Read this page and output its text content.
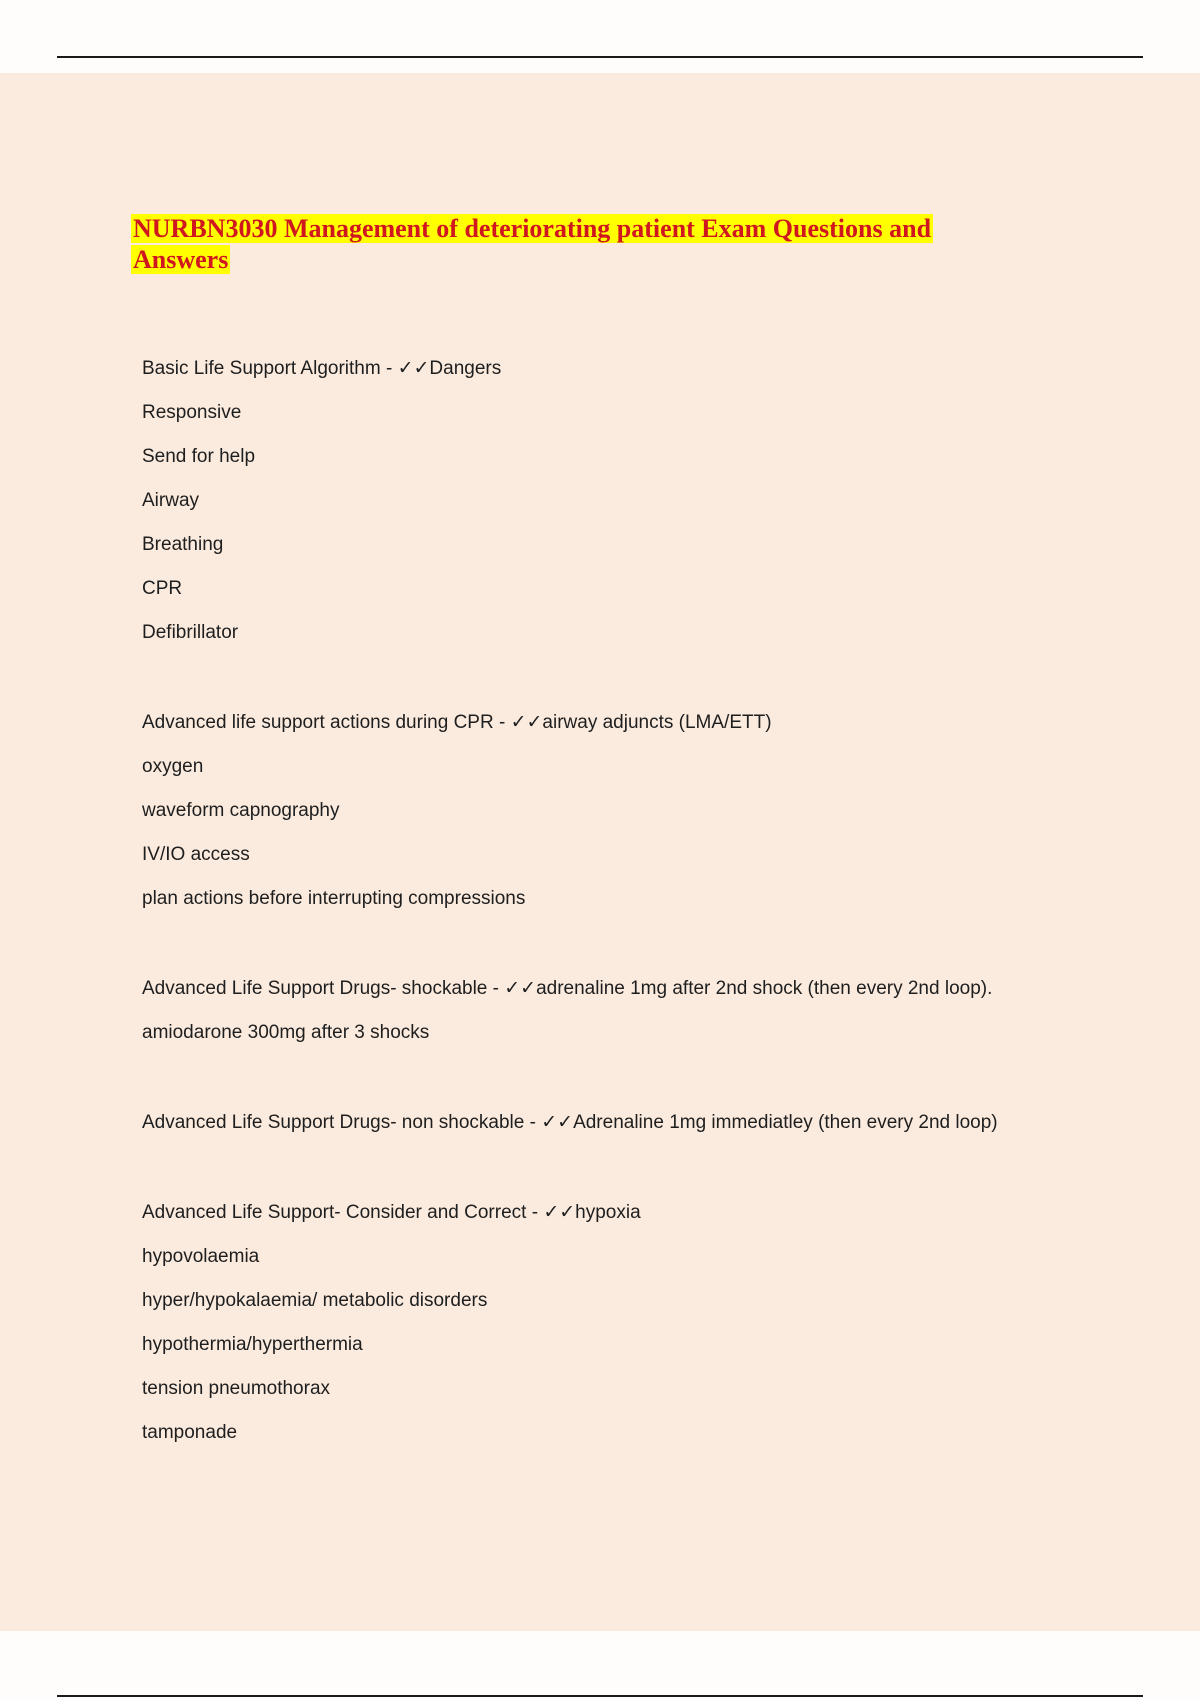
NURBN3030 Management of deteriorating patient Exam Questions and
Answers
Basic Life Support Algorithm - ✓✓Dangers
Responsive
Send for help
Airway
Breathing
CPR
Defibrillator
Advanced life support actions during CPR - ✓✓airway adjuncts (LMA/ETT)
oxygen
waveform capnography
IV/IO access
plan actions before interrupting compressions
Advanced Life Support Drugs- shockable - ✓✓adrenaline 1mg after 2nd shock (then every 2nd loop).
amiodarone 300mg after 3 shocks
Advanced Life Support Drugs- non shockable - ✓✓Adrenaline 1mg immediatley (then every 2nd loop)
Advanced Life Support- Consider and Correct - ✓✓hypoxia
hypovolaemia
hyper/hypokalaemia/ metabolic disorders
hypothermia/hyperthermia
tension pneumothorax
tamponade
